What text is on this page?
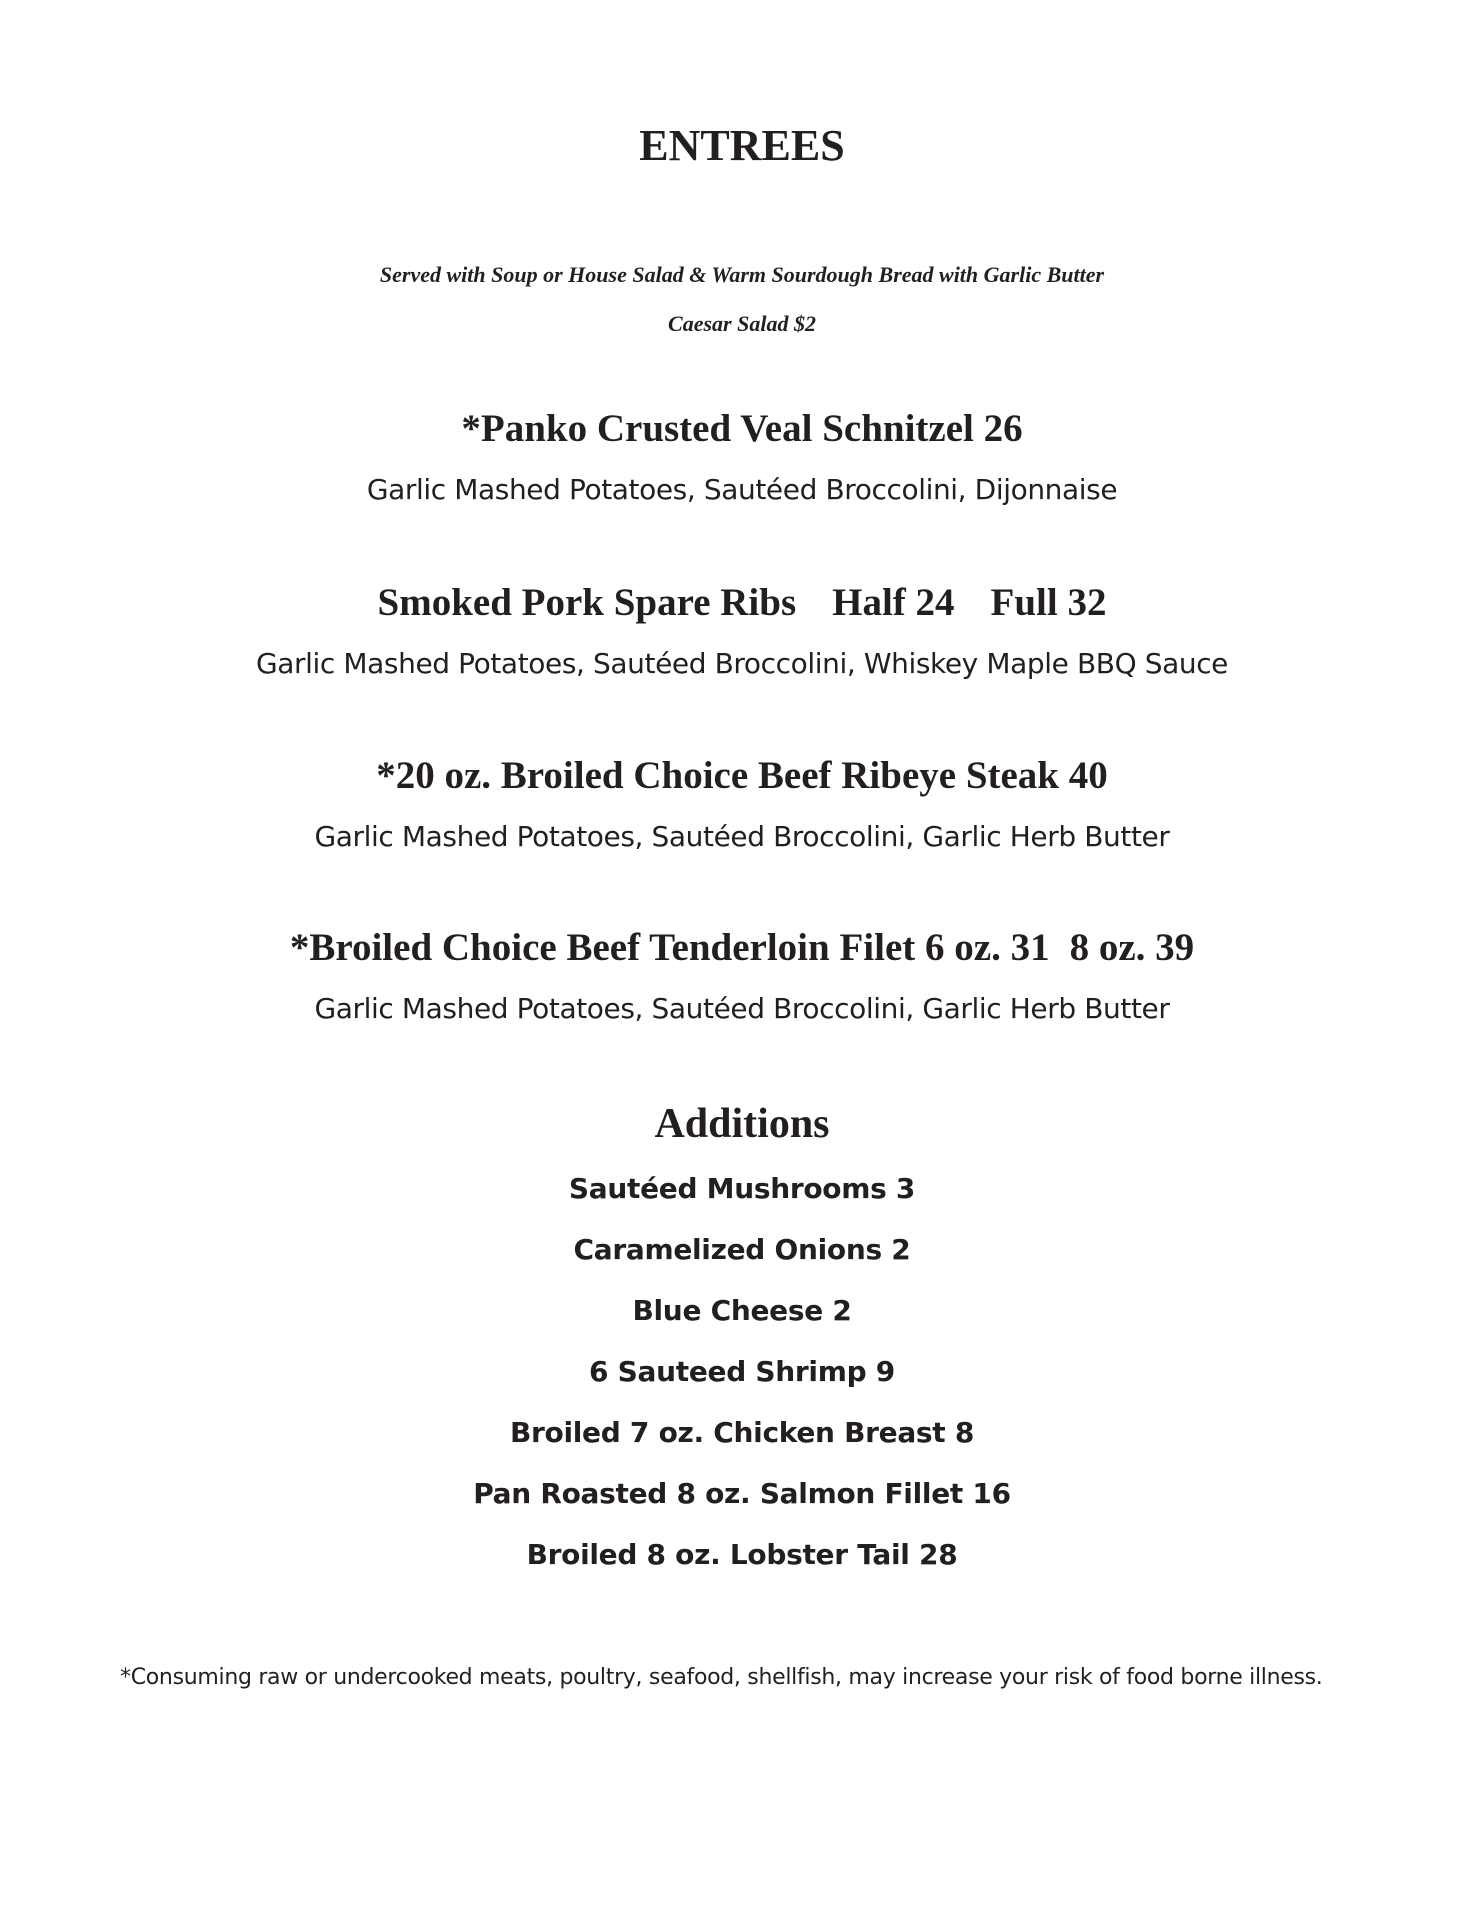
ENTREES
Served with Soup or House Salad & Warm Sourdough Bread with Garlic Butter
Caesar Salad $2
*Panko Crusted Veal Schnitzel 26
Garlic Mashed Potatoes, Sautéed Broccolini, Dijonnaise
Smoked Pork Spare Ribs Half 24 Full 32
Garlic Mashed Potatoes, Sautéed Broccolini, Whiskey Maple BBQ Sauce
*20 oz. Broiled Choice Beef Ribeye Steak 40
Garlic Mashed Potatoes, Sautéed Broccolini, Garlic Herb Butter
*Broiled Choice Beef Tenderloin Filet 6 oz. 31 8 oz. 39
Garlic Mashed Potatoes, Sautéed Broccolini, Garlic Herb Butter
Additions
Sautéed Mushrooms 3
Caramelized Onions 2
Blue Cheese 2
6 Sauteed Shrimp 9
Broiled 7 oz. Chicken Breast 8
Pan Roasted 8 oz. Salmon Fillet 16
Broiled 8 oz. Lobster Tail 28
*Consuming raw or undercooked meats, poultry, seafood, shellfish, may increase your risk of food borne illness.
